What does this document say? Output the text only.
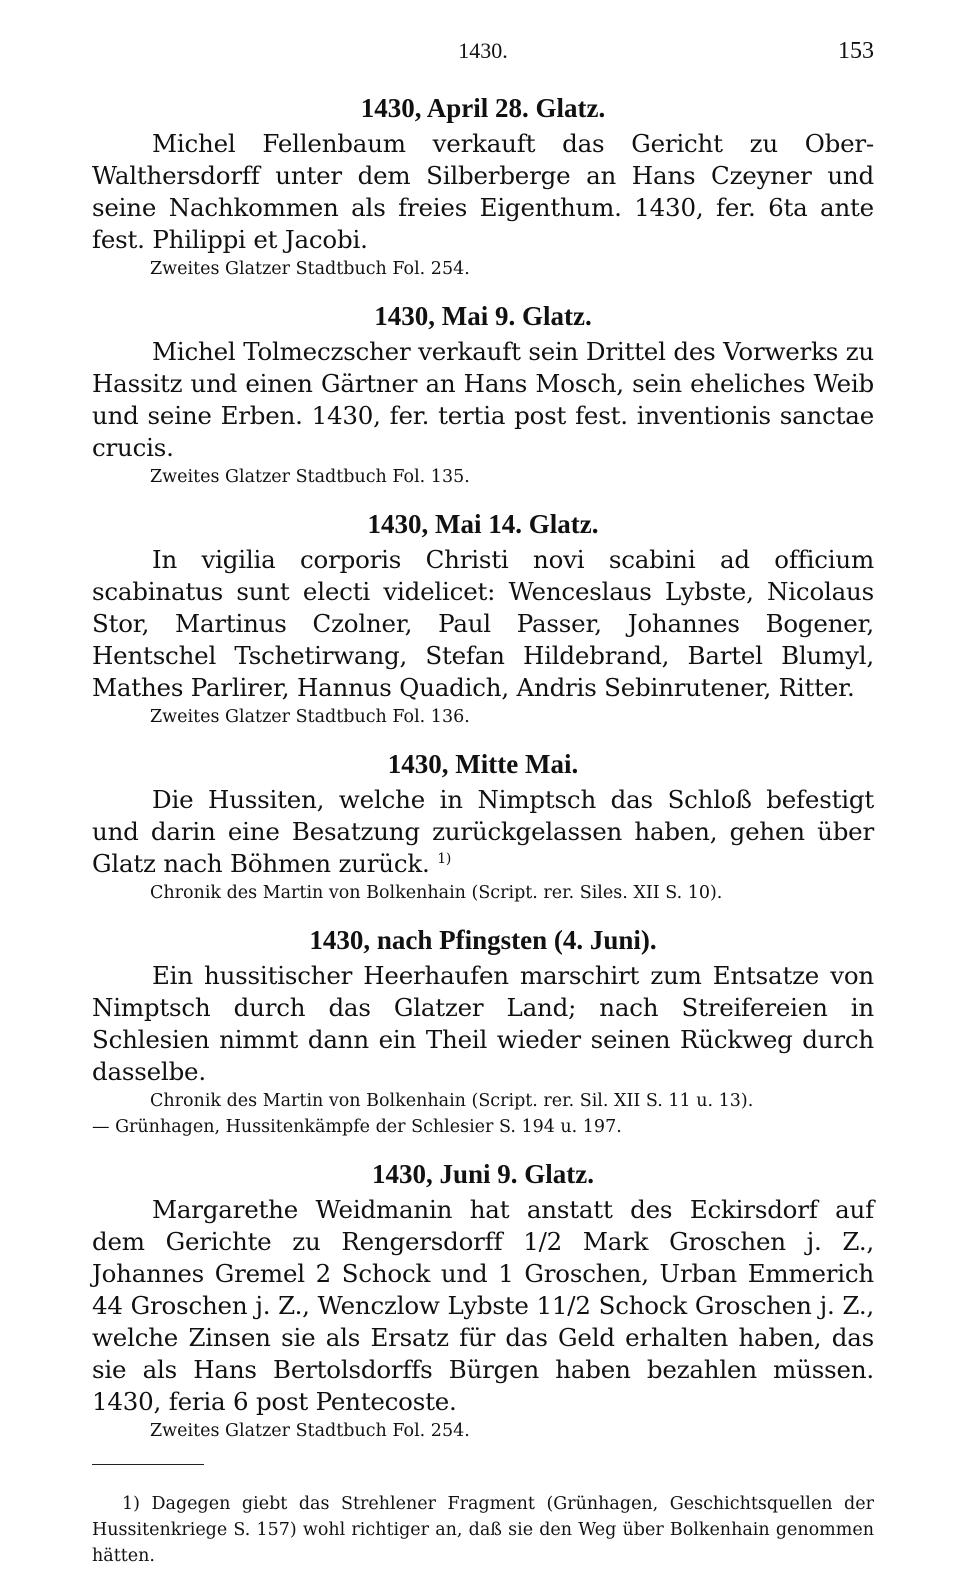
1430.	153
1430, April 28. Glatz.

Michel Fellenbaum verkauft das Gericht zu Ober-Walthersdorff unter dem Silberberge an Hans Czeyner und seine Nachkommen als freies Eigenthum. 1430, fer. 6ta ante fest. Philippi et Jacobi.

Zweites Glatzer Stadtbuch Fol. 254.

1430, Mai 9. Glatz.

Michel Tolmeczscher verkauft sein Drittel des Vorwerks zu Hassitz und einen Gärtner an Hans Mosch, sein eheliches Weib und seine Erben. 1430, fer. tertia post fest. inventionis sanctae crucis.

Zweites Glatzer Stadtbuch Fol. 135.

1430, Mai 14. Glatz.

In vigilia corporis Christi novi scabini ad officium scabinatus sunt electi videlicet: Wenceslaus Lybste, Nicolaus Stor, Martinus Czolner, Paul Passer, Johannes Bogener, Hentschel Tschetirwang, Stefan Hildebrand, Bartel Blumyl, Mathes Parlirer, Hannus Quadich, Andris Sebinrutener, Ritter.

Zweites Glatzer Stadtbuch Fol. 136.

1430, Mitte Mai.

Die Hussiten, welche in Nimptsch das Schloß befestigt und darin eine Besatzung zurückgelassen haben, gehen über Glatz nach Böhmen zurück. $^{1)}$

Chronik des Martin von Bolkenhain (Script. rer. Siles. XII S. 10).

1430, nach Pfingsten (4. Juni).

Ein hussitischer Heerhaufen marschirt zum Entsatze von Nimptsch durch das Glatzer Land; nach Streifereien in Schlesien nimmt dann ein Theil wieder seinen Rückweg durch dasselbe.

Chronik des Martin von Bolkenhain (Script. rer. Sil. XII S. 11 u. 13).

— Grünhagen, Hussitenkämpfe der Schlesier S. 194 u. 197.

1430, Juni 9. Glatz.

Margarethe Weidmanin hat anstatt des Eckirsdorf auf dem Gerichte zu Rengersdorff 1/2 Mark Groschen j. Z., Johannes Gremel 2 Schock und 1 Groschen, Urban Emmerich 44 Groschen j. Z., Wenczlow Lybste 11/2 Schock Groschen j. Z., welche Zinsen sie als Ersatz für das Geld erhalten haben, das sie als Hans Bertolsdorffs Bürgen haben bezahlen müssen. 1430, feria 6 post Pentecoste.

Zweites Glatzer Stadtbuch Fol. 254.

1) Dagegen giebt das Strehlener Fragment (Grünhagen, Geschichtsquellen der Hussitenkriege S. 157) wohl richtiger an, daß sie den Weg über Bolkenhain genommen hätten.
